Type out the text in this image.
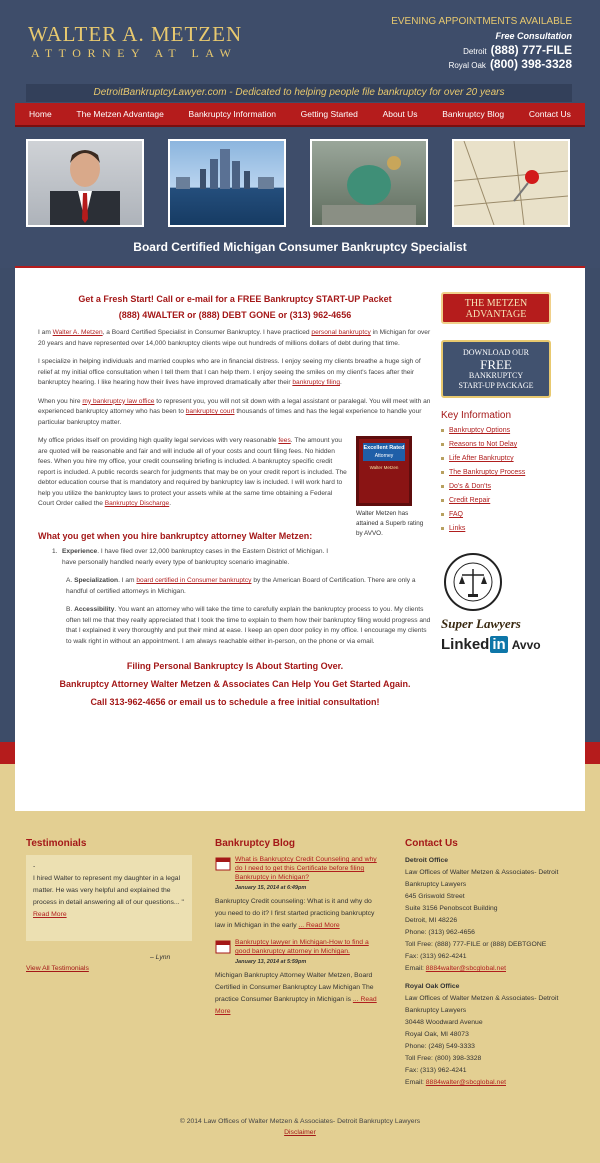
WALTER A. METZEN
ATTORNEY AT LAW
EVENING APPOINTMENTS AVAILABLE
Free Consultation
Detroit (888) 777-FILE
Royal Oak (800) 398-3328
DetroitBankruptcyLawyer.com - Dedicated to helping people file bankruptcy for over 20 years
Home	The Metzen Advantage	Bankruptcy Information	Getting Started	About Us	Bankruptcy Blog	Contact Us
Board Certified Michigan Consumer Bankruptcy Specialist
Get a Fresh Start! Call or e-mail for a FREE Bankruptcy START-UP Packet
(888) 4WALTER or (888) DEBT GONE or (313) 962-4656
I am Walter A. Metzen, a Board Certified Specialist in Consumer Bankruptcy. I have practiced personal bankruptcy in Michigan for over 20 years and have represented over 14,000 bankruptcy clients wipe out hundreds of millions dollars of debt during that time.
I specialize in helping individuals and married couples who are in financial distress. I enjoy seeing my clients breathe a huge sigh of relief at my initial office consultation when I tell them that I can help them. I enjoy seeing the smiles on my client's faces after their bankruptcy hearing. I like hearing how their lives have improved dramatically after their bankruptcy filing.
When you hire my bankruptcy law office to represent you, you will not sit down with a legal assistant or paralegal. You will meet with an experienced bankruptcy attorney who has been to bankruptcy court thousands of times and has the legal experience to handle your particular bankruptcy matter.
My office prides itself on providing high quality legal services with very reasonable fees. The amount you are quoted will be reasonable and fair and will include all of your costs and court filing fees. No hidden fees. When you hire my office, your credit counseling briefing is included. A bankruptcy specific credit report is included. A public records search for judgments that may be on your credit report is included. The debtor education course that is mandatory and required by bankruptcy law is included. I will work hard to help you utilize the bankruptcy laws to protect your assets while at the same time obtaining a Federal Court Order called the Bankruptcy Discharge.
Excellent Rated
Attorney
Walter Metzen
Walter Metzen has attained a Superb rating by AVVO.
What you get when you hire bankruptcy attorney Walter Metzen:
1. Experience. I have filed over 12,000 bankruptcy cases in the Eastern District of Michigan. I have personally handled nearly every type of bankruptcy scenario imaginable.
A. Specialization. I am board certified in Consumer bankruptcy by the American Board of Certification. There are only a handful of certified attorneys in Michigan.
B. Accessibility. You want an attorney who will take the time to carefully explain the bankruptcy process to you. My clients often tell me that they really appreciated that I took the time to explain to them how their bankruptcy filing would progress and that I explained it very thoroughly and put their mind at ease. I keep an open door policy in my office. I encourage my clients to walk right in without an appointment. I am always reachable either in-person, on the phone or via email.
Filing Personal Bankruptcy Is About Starting Over.
Bankruptcy Attorney Walter Metzen & Associates Can Help You Get Started Again.
Call 313-962-4656 or email us to schedule a free initial consultation!
THE METZEN
ADVANTAGE
DOWNLOAD OUR
FREE
BANKRUPTCY
START-UP PACKAGE
Key Information
Bankruptcy Options
Reasons to Not Delay
Life After Bankruptcy
The Bankruptcy Process
Do's & Don'ts
Credit Repair
FAQ
Links
Super Lawyers
Linked in Avvo
Testimonials
-
I hired Walter to represent my daughter in a legal matter. He was very helpful and explained the process in detail answering all of our questions... " Read More
– Lynn
View All Testimonials
Bankruptcy Blog
What is Bankruptcy Credit Counseling and why do I need to get this Certificate before filing Bankruptcy in Michigan?
January 15, 2014 at 6:49pm
Bankruptcy Credit counseling: What is it and why do you need to do it? I first started practicing bankruptcy law in Michigan in the early ... Read More
Bankruptcy lawyer in Michigan-How to find a good bankruptcy attorney in Michigan.
January 13, 2014 at 5:59pm
Michigan Bankruptcy Attorney Walter Metzen, Board Certified in Consumer Bankruptcy Law Michigan The practice Consumer Bankruptcy in Michigan is ... Read More
Contact Us
Detroit Office
Law Offices of Walter Metzen & Associates- Detroit Bankruptcy Lawyers
645 Griswold Street
Suite 3156 Penobscot Building
Detroit, MI 48226
Phone: (313) 962-4656
Toll Free: (888) 777-FILE or (888) DEBTGONE
Fax: (313) 962-4241
Email: 8884walter@sbcglobal.net
Royal Oak Office
Law Offices of Walter Metzen & Associates- Detroit Bankruptcy Lawyers
30448 Woodward Avenue
Royal Oak, MI 48073
Phone: (248) 549-3333
Toll Free: (800) 398-3328
Fax: (313) 962-4241
Email: 8884walter@sbcglobal.net
© 2014 Law Offices of Walter Metzen & Associates- Detroit Bankruptcy Lawyers
Disclaimer
